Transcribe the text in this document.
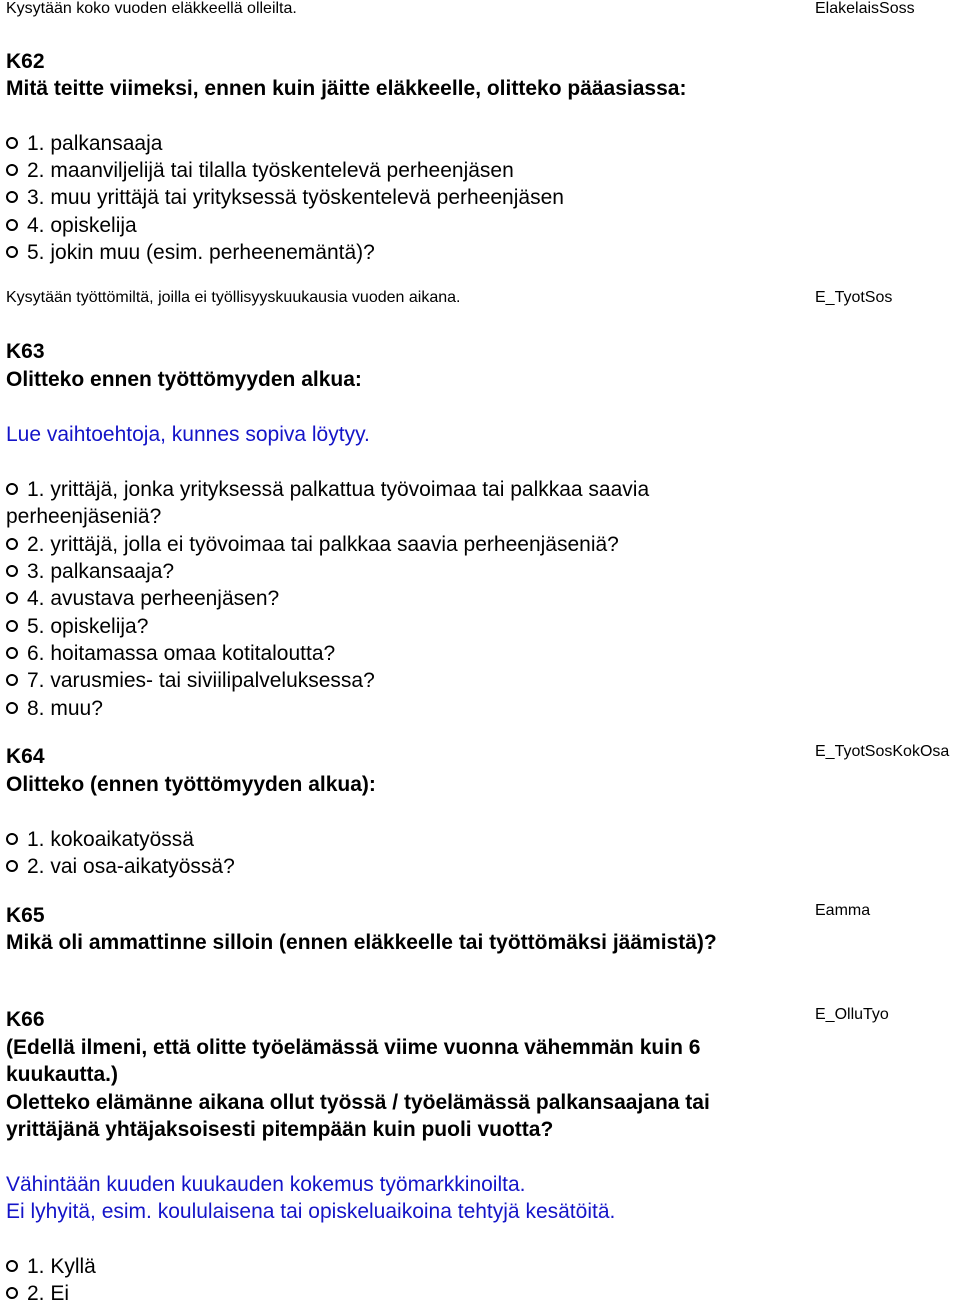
Kysytään koko vuoden eläkkeellä olleilta.	ElakelaisSoss
K62
Mitä teitte viimeksi, ennen kuin jäitte eläkkeelle, olitteko pääasiassa:
1. palkansaaja
2. maanviljelijä tai tilalla työskentelevä perheenjäsen
3. muu yrittäjä tai yrityksessä työskentelevä perheenjäsen
4. opiskelija
5. jokin muu (esim. perheenemäntä)?
Kysytään työttömiltä, joilla ei työllisyyskuukausia vuoden aikana.	E_TyotSos
K63
Olitteko ennen työttömyyden alkua:
Lue vaihtoehtoja, kunnes sopiva löytyy.
1. yrittäjä, jonka yrityksessä palkattua työvoimaa tai palkkaa saavia
perheenjäseniä?
2. yrittäjä, jolla ei työvoimaa tai palkkaa saavia perheenjäseniä?
3. palkansaaja?
4. avustava perheenjäsen?
5. opiskelija?
6. hoitamassa omaa kotitaloutta?
7. varusmies- tai siviilipalveluksessa?
8. muu?
K64	E_TyotSosKokOsa
Olitteko (ennen työttömyyden alkua):
1. kokoaikatyössä
2. vai osa-aikatyössä?
K65	Eamma
Mikä oli ammattinne silloin (ennen eläkkeelle tai työttömäksi jäämistä)?
K66	E_OlluTyo
(Edellä ilmeni, että olitte työelämässä viime vuonna vähemmän kuin 6
kuukautta.)
Oletteko elämänne aikana ollut työssä / työelämässä palkansaajana tai
yrittäjänä yhtäjaksoisesti pitempään kuin puoli vuotta?
Vähintään kuuden kuukauden kokemus työmarkkinoilta.
Ei lyhyitä, esim. koululaisena tai opiskeluaikoina tehtyjä kesätöitä.
1. Kyllä
2. Ei
